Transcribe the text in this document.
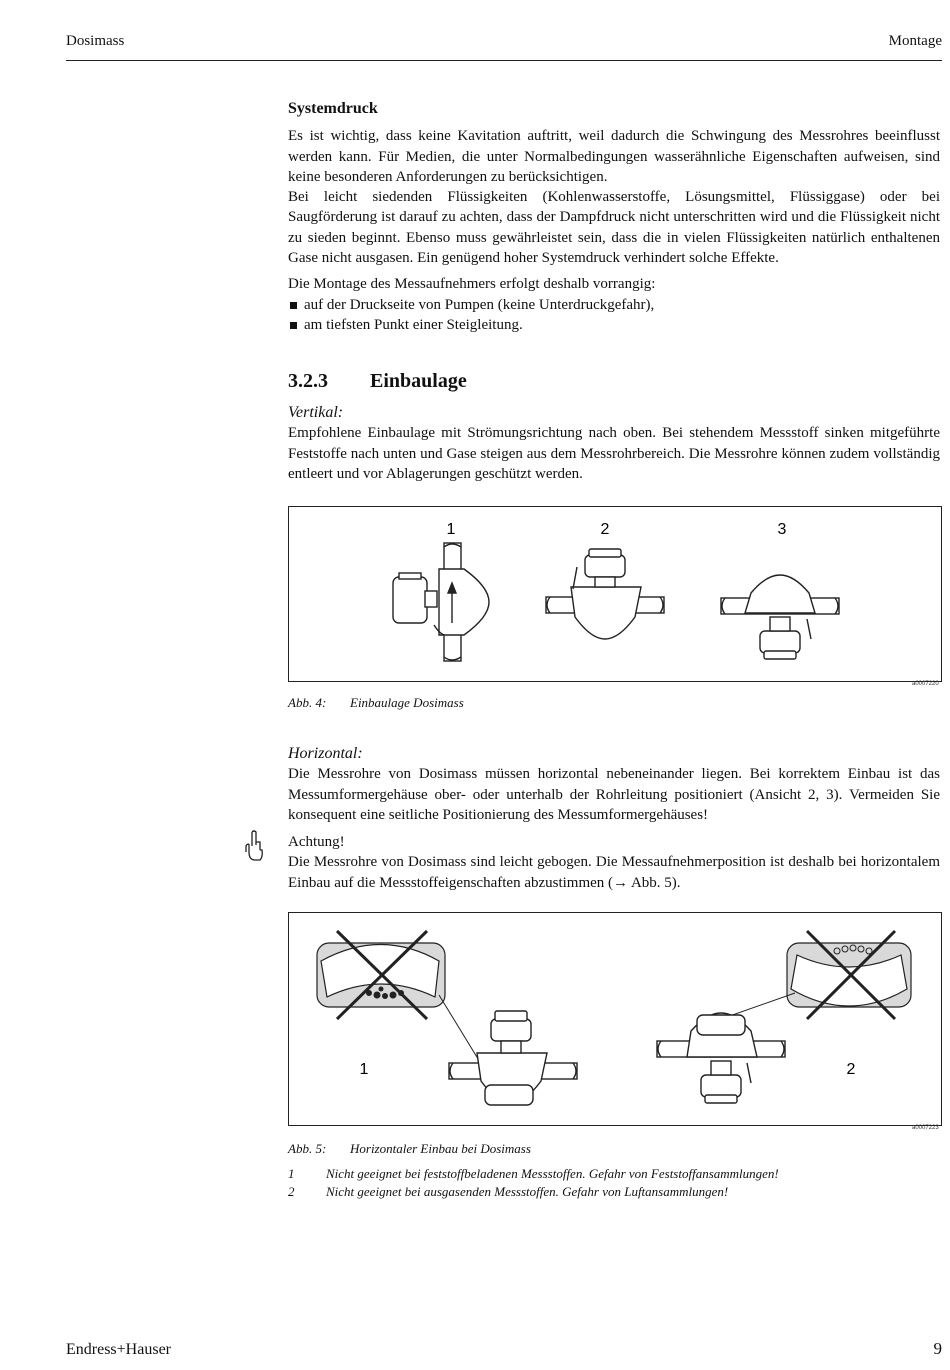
Dosimass	Montage
Systemdruck

Es ist wichtig, dass keine Kavitation auftritt, weil dadurch die Schwingung des Messrohres beeinflusst werden kann. Für Medien, die unter Normalbedingungen wasserähnliche Eigenschaften aufweisen, sind keine besonderen Anforderungen zu berücksichtigen.

Bei leicht siedenden Flüssigkeiten (Kohlenwasserstoffe, Lösungsmittel, Flüssiggase) oder bei Saugförderung ist darauf zu achten, dass der Dampfdruck nicht unterschritten wird und die Flüssigkeit nicht zu sieden beginnt. Ebenso muss gewährleistet sein, dass die in vielen Flüssigkeiten natürlich enthaltenen Gase nicht ausgasen. Ein genügend hoher Systemdruck verhindert solche Effekte.

Die Montage des Messaufnehmers erfolgt deshalb vorrangig:

auf der Druckseite von Pumpen (keine Unterdruckgefahr),
am tiefsten Punkt einer Steigleitung.
3.2.3 Einbaulage

Vertikal:

Empfohlene Einbaulage mit Strömungsrichtung nach oben. Bei stehendem Messstoff sinken mitgeführte Feststoffe nach unten und Gase steigen aus dem Messrohrbereich. Die Messrohre können zudem vollständig entleert und vor Ablagerungen geschützt werden.

1	2	3
a0007220
Abb. 4: Einbaulage Dosimass

Horizontal:

Die Messrohre von Dosimass müssen horizontal nebeneinander liegen. Bei korrektem Einbau ist das Messumformergehäuse ober- oder unterhalb der Rohrleitung positioniert (Ansicht 2, 3). Vermeiden Sie konsequent eine seitliche Positionierung des Messumformergehäuses!

Achtung!

Die Messrohre von Dosimass sind leicht gebogen. Die Messaufnehmerposition ist deshalb bei horizontalem Einbau auf die Messstoffeigenschaften abzustimmen (→ Abb. 5).

1	2
a0007223
Abb. 5: Horizontaler Einbau bei Dosimass
1 Nicht geeignet bei feststoffbeladenen Messstoffen. Gefahr von Feststoffansammlungen!
2 Nicht geeignet bei ausgasenden Messstoffen. Gefahr von Luftansammlungen!
Endress+Hauser	9
